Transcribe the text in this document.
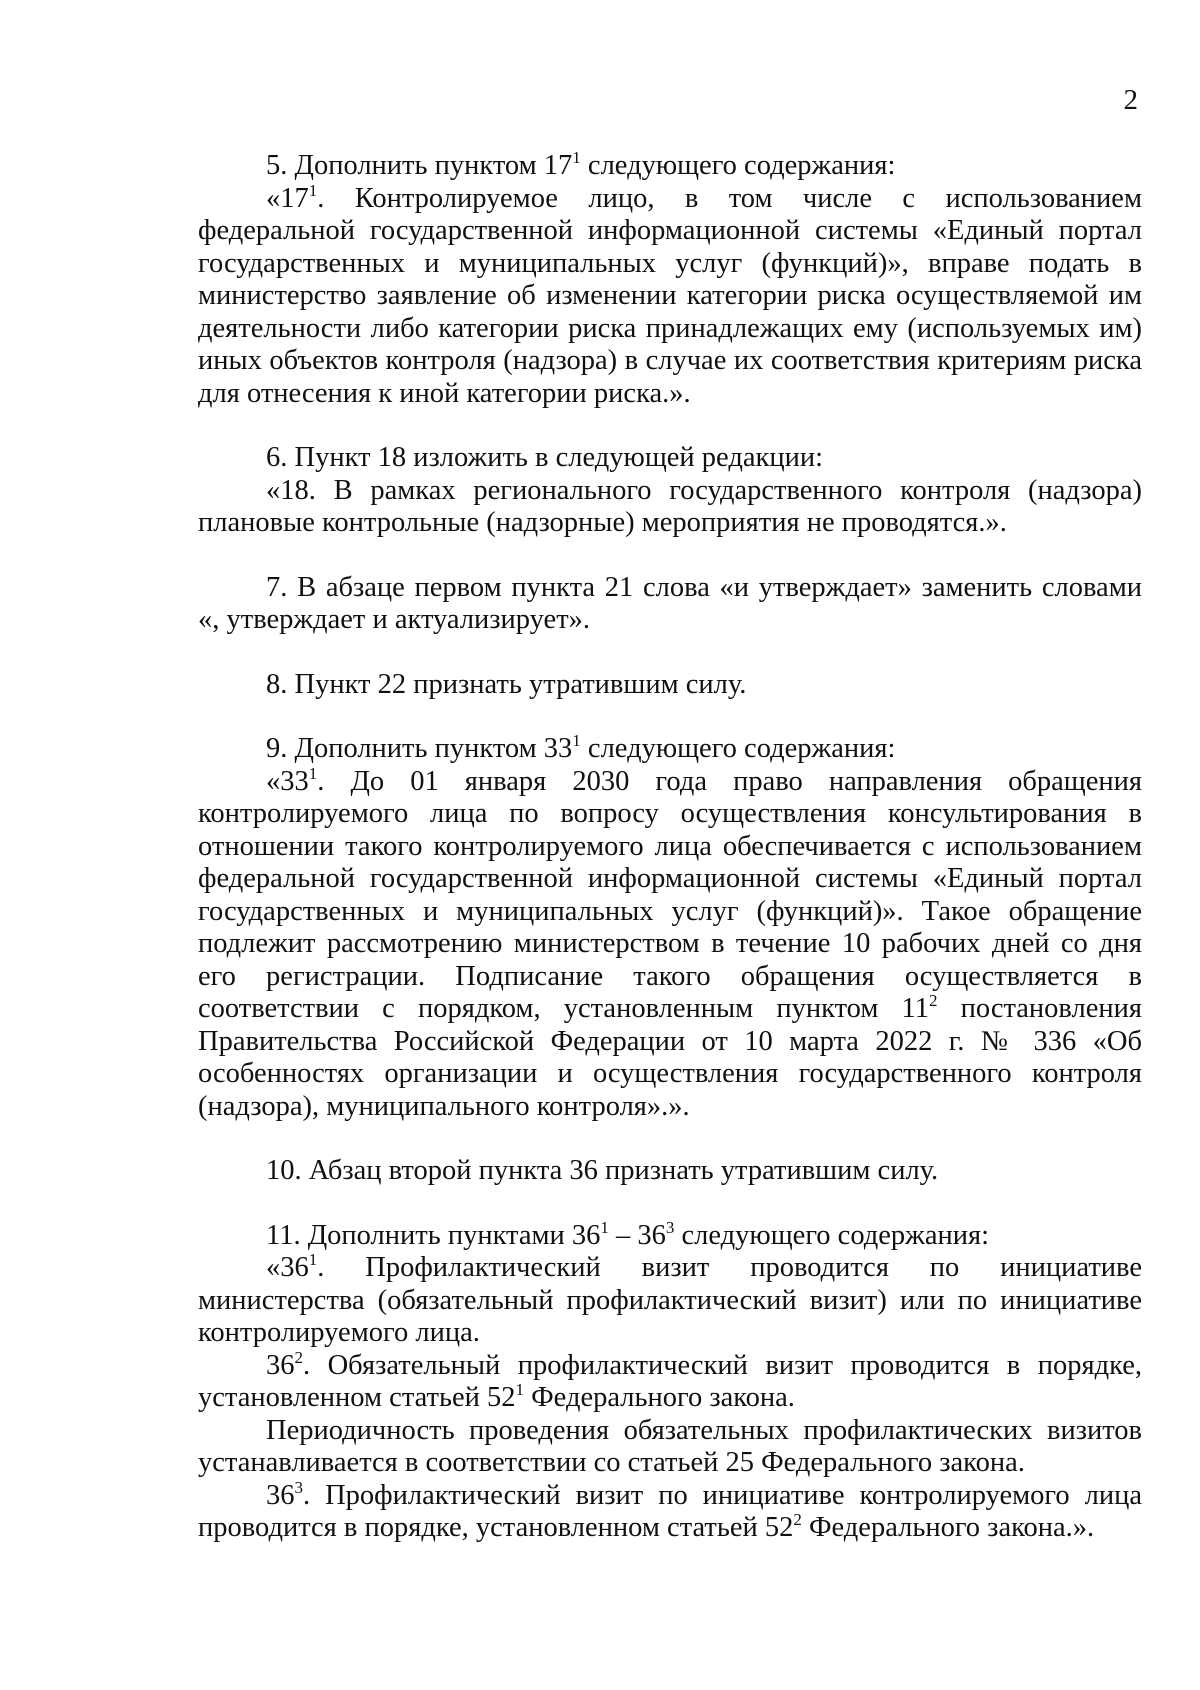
2

5. Дополнить пунктом $17^1$ следующего содержания:

«$17^1$. Контролируемое лицо, в том числе с использованием федеральной государственной информационной системы «Единый портал государственных и муниципальных услуг (функций)», вправе подать в министерство заявление об изменении категории риска осуществляемой им деятельности либо категории риска принадлежащих ему (используемых им) иных объектов контроля (надзора) в случае их соответствия критериям риска для отнесения к иной категории риска.».

6. Пункт 18 изложить в следующей редакции:

«18. В рамках регионального государственного контроля (надзора) плановые контрольные (надзорные) мероприятия не проводятся.».

7. В абзаце первом пункта 21 слова «и утверждает» заменить словами «, утверждает и актуализирует».

8. Пункт 22 признать утратившим силу.

9. Дополнить пунктом $33^1$ следующего содержания:

«$33^1$. До 01 января 2030 года право направления обращения контролируемого лица по вопросу осуществления консультирования в отношении такого контролируемого лица обеспечивается с использованием федеральной государственной информационной системы «Единый портал государственных и муниципальных услуг (функций)». Такое обращение подлежит рассмотрению министерством в течение 10 рабочих дней со дня его регистрации. Подписание такого обращения осуществляется в соответствии с порядком, установленным пунктом $11^2$ постановления Правительства Российской Федерации от 10 марта 2022 г. № 336 «Об особенностях организации и осуществления государственного контроля (надзора), муниципального контроля».».

10. Абзац второй пункта 36 признать утратившим силу.

11. Дополнить пунктами $36^1 - 36^3$ следующего содержания:

«$36^1$. Профилактический визит проводится по инициативе министерства (обязательный профилактический визит) или по инициативе контролируемого лица.

$36^2$. Обязательный профилактический визит проводится в порядке, установленном статьей $52^1$ Федерального закона.

Периодичность проведения обязательных профилактических визитов устанавливается в соответствии со статьей 25 Федерального закона.

$36^3$. Профилактический визит по инициативе контролируемого лица проводится в порядке, установленном статьей $52^2$ Федерального закона.».
